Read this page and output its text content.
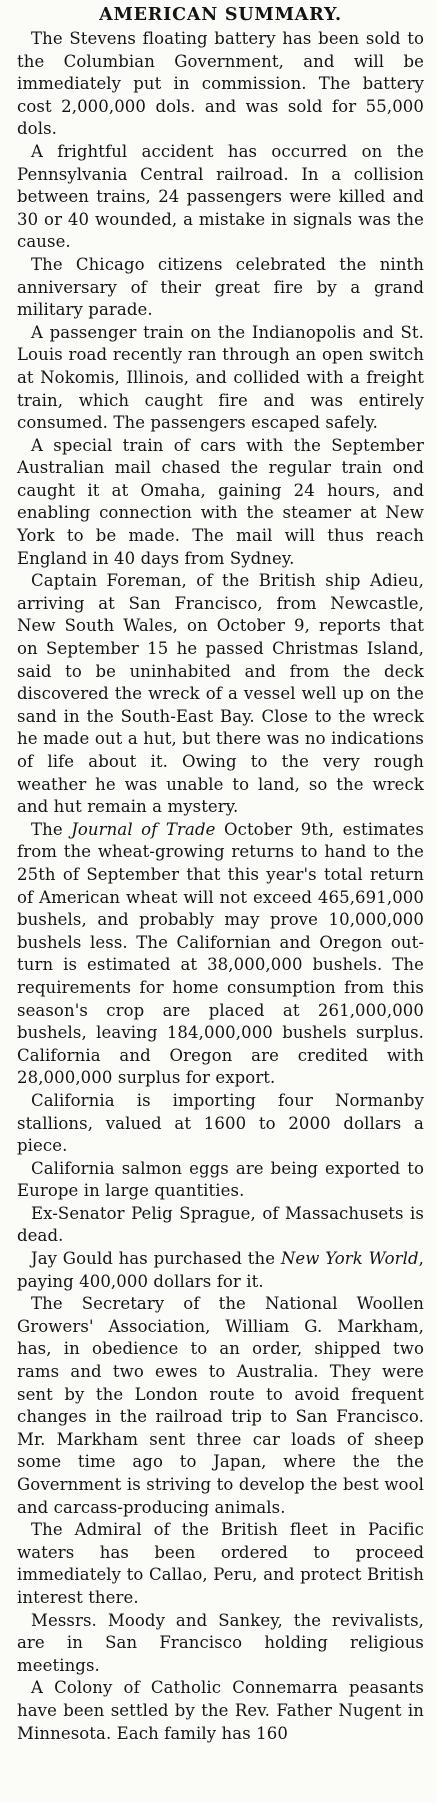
AMERICAN SUMMARY.

The Stevens floating battery has been sold to the Columbian Government, and will be immediately put in commission. The battery cost 2,000,000 dols. and was sold for 55,000 dols.

A frightful accident has occurred on the Pennsylvania Central railroad. In a collision between trains, 24 passengers were killed and 30 or 40 wounded, a mistake in signals was the cause.

The Chicago citizens celebrated the ninth anniversary of their great fire by a grand military parade.

A passenger train on the Indianopolis and St. Louis road recently ran through an open switch at Nokomis, Illinois, and collided with a freight train, which caught fire and was entirely consumed. The passengers escaped safely.

A special train of cars with the September Australian mail chased the regular train ond caught it at Omaha, gaining 24 hours, and enabling connection with the steamer at New York to be made. The mail will thus reach England in 40 days from Sydney.

Captain Foreman, of the British ship Adieu, arriving at San Francisco, from Newcastle, New South Wales, on October 9, reports that on September 15 he passed Christmas Island, said to be uninhabited and from the deck discovered the wreck of a vessel well up on the sand in the South-East Bay. Close to the wreck he made out a hut, but there was no indications of life about it. Owing to the very rough weather he was unable to land, so the wreck and hut remain a mystery.

The Journal of Trade October 9th, estimates from the wheat-growing returns to hand to the 25th of September that this year's total return of American wheat will not exceed 465,691,000 bushels, and probably may prove 10,000,000 bushels less. The Californian and Oregon out-turn is estimated at 38,000,000 bushels. The requirements for home consumption from this season's crop are placed at 261,000,000 bushels, leaving 184,000,000 bushels surplus. California and Oregon are credited with 28,000,000 surplus for export.

California is importing four Normanby stallions, valued at 1600 to 2000 dollars a piece.

California salmon eggs are being exported to Europe in large quantities.

Ex-Senator Pelig Sprague, of Massachusets is dead.

Jay Gould has purchased the New York World, paying 400,000 dollars for it.

The Secretary of the National Woollen Growers' Association, William G. Markham, has, in obedience to an order, shipped two rams and two ewes to Australia. They were sent by the London route to avoid frequent changes in the railroad trip to San Francisco. Mr. Markham sent three car loads of sheep some time ago to Japan, where the the Government is striving to develop the best wool and carcass-producing animals.

The Admiral of the British fleet in Pacific waters has been ordered to proceed immediately to Callao, Peru, and protect British interest there.

Messrs. Moody and Sankey, the revivalists, are in San Francisco holding religious meetings.

A Colony of Catholic Connemarra peasants have been settled by the Rev. Father Nugent in Minnesota. Each family has 160
